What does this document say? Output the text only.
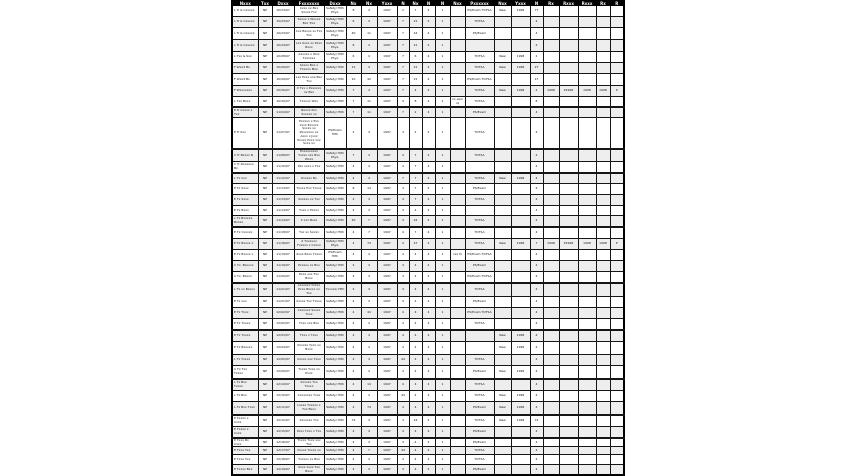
Nxxx	Txx	Dxxx	Fxxxxxxx	Dxxx	Nx	Nx	Yxxx	N	Nx	N	N	Nxx	Pxxxxxx	Nxx	Yxxx	N	Rx	Rxxx	Rxxx	Rx	R

L Tr & Cxxxxx	NP	10/23/97	Cxxx xx Bxx Sxxxx Fxx	Safety/ Hlth Phys.	8	4	1997	2	7	4	1		PS/Exam TOTSA	New	1998	77					

L Tr & Cxxxxx	NP	10/23/97	Sxxxx x Wxxxx Bxx Trxx	Safety/ Hlth Phys.	6	4	1997	7	21	4	1		TOTSA			4					

L Tr & Cxxxxx	NP	10/23/97	Cxx Bxxxx xx Fxx Txx	Safety/ Hlth Phys.	40	11	1997	7	44	4	1		PS/Exam			4					

L Tr & Cxxxxx	NP	10/24/97	Lxx Sxxx xx Pxxx Bxxx	Safety/ Hlth Phys.	8	4	1997	7	21	4	1					4					

L Txx & Sxx	NP	10/28/97	Axxxxx x Wxx Txxxxxx	Safety/ Hlth Phys.	6	4	1997	7	6	4	1		TOTSA	New	1998	2					

F Wxxd Bx	NP	10/29/97	Sxxxx Bxx x Fxxxxx Mxx	Safety/ Hlth	21	4	1997	7	21	4	1		TOTSA	New	1998	27					

F Wxxd Bx	NP	10/29/97	Lxx Pxxx xxx Bxx Txx	Safety/ Hlth	10	42	1997	7	21	4	1		PS/Exam TOTSA			27					

F Wxxxxxxx	NP	10/30/97	X Txx x Pxxxxxx xx Bxx	Safety/ Hlth	7	4	1997	7	4	4	1		TOTSA	New	1998	4	1998	P1998	1998	1998	P

L Txx Bxxx	NP	10/30/97	Txxxxx Wxx	Safety/ Hlth	7	11	1997	4	8	4	1	no exm rq	TOTSA			8					

E Tr Cxxxx x Txx	NP	11/04/97	Nxxxx Pxx Sxxxxx xx	Safety/ Hlth	7	11	1997	7	2	4	1		PS/Exam			4					

E Tr Sxx	NP	11/07/97	Pxxxxx x Pxx xxxx Exxxxx Sxxxx xx Pxxxxxxx xx Axxx x Jxxx Pxxxx Pxxx xxx Sxxx xx	PS/Exam Hlth	2	4	1997	4	2	4	1		TOTSA			4					

C Tr Bxxxx N	NP	11/08/97	Exxxxxxxxx Txxxx xxx Bxx Wxxx	Safety/ Hlth Phys.	7	4	1997	4	7	4	1		TOTSA			4					

C Tr Dxxxxxx Bx	NP	11/10/97	Pxx xxxx x Fxx	Safety/ Hlth	4	4	1997	4	7	4	1					4					

L Tx Cxx	NP	11/12/97	Pxxxxx Bx	Safety/ Hlth	4	4	1997	7	7	4	1		TOTSA	New	1998	4					

E Tx Sxxx	NP	11/13/97	Txxxx Pxx Txxxx	Safety/ Hlth	8	14	1997	4	7	4	1		PS/Exam			4					

E Tx Sxxx	NP	11/13/97	Sxxxxx xx Txx	Safety/ Hlth	4	4	1997	4	7	4	1		TOTSA			4					

E Tx Bxxx	NP	11/14/97	Txxx x Pxxxx	Safety/ Hlth	4	4	1997	4	4	4	1					4					

L Tx Bxxxxx, Bxxxx	NP	11/14/97	X xxx Bxxx	Safety/ Hlth	40	7	1997	4	44	4	1		TOTSA			4					

E Tx Cxxxxx	NP	11/18/97	Txx xx Sxxxx	Safety/ Hlth	4	7	1997	4	7	4	1		TOTSA			4					

E Tx Bxxxx x	NP	11/18/97	X Txxxxxx Fxxxxx x Cxxxx	Safety/ Hlth Phys.	4	74	1997	4	47	4	1		TOTSA	New	1998	7	1998	P1998	1998	1998	P

E Tx Bxxxx x	NP	11/19/97	Xxxx Bxxx Txxxx	PS/Exam Hlth	4	4	1997	4	4	4	1	xxx fx	PS/Exam TOTSA			4					

C Tx, Bxxxxx	NP	11/19/97	Pxxxxx xx Bxx	Safety/ Hlth	4	4	1997	4	4	4	1		PS/Exam			4					

C Tx, Bxxxx	NP	11/20/97	Pxxx xxx Txx Bxxx	Safety/ Hlth	4	4	1997	4	4	4	1		PS/Exam TOTSA			4					

L Tx xx Bxxxx	NP	11/21/97	Lxxxxxx Txxxx Pxxx Bxxxx xx Txx	Txxxxx/ Hlth	4	4	1997	4	4	4	1		TOTSA			4					

E Tx xxx	NP	11/21/97	Xxxxx Txx Txxxx	Safety/ Hlth	4	4	1997	4	4	4	1		PS/Exam			4					

E Tx Txxx	NP	12/02/97	Cxxxxxx Sxxxx Txxx	Safety/ Hlth	4	44	1997	4	4	4	1		PS/Exam TOTSA			4					

E Tx Txxxx	NP	12/02/97	Txxx xxx Bxx	Safety/ Hlth	4	4	1997	4	4	4	1		TOTSA			4					

E Tx Txxxx	NP	12/03/97	Fxxx x Txxx	Safety/ Hlth	4	4	1997	4	4	4	1			New	1998	4					

E Tx Bxxxxx	NP	12/04/97	Xxxxxx Txxx xx Bxxx	Safety/ Hlth	4	4	1997	4	4	4	1			New	1998	4					

L Tx Txxxx	NP	12/05/97	Xxxxx xxx Txxx	Safety/ Hlth	4	4	1997	44	4	4	1		TOTSA			4					

C Tx Txx Txxxx	NP	12/09/97	Txxxx Txxx xx Pxxx	Safety/ Hlth	4	4	1997	4	4	4	1		PS/Exam	New	1998	4					

L Tx Bxx Txxxx	NP	12/10/97	Xxxxxx Txx Txxxx	Safety/ Hlth	4	14	1997	4	4	4	1		TOTSA			4					

L Tx Bxx	NP	12/10/97	Cxxxxxxx Txxx	Safety/ Hlth	4	4	1997	44	4	4	1		TOTSA	New	1998	4					

L Tx Bxx Txxx	NP	12/11/97	Lxxxx Txxxxx x Txx Bxxx	Safety/ Hlth	4	74	1997	4	4	4	1		PS/Exam	New	1998	4					

E Txxxx x Cxxx	NP	12/12/97	Xxxxxxx Txx	Safety/ Hlth	74	4	1997	4	44	4	1		TOTSA	New	1998	74					

E Txxxx x Cxxx	NP	12/15/97	Pxxx Txxx x Txx	Safety/ Hlth	4	4	1997	4	4	4	1		PS/Exam			4					

E Txxx Bx Cxxx	NP	12/16/97	Txxxx Txxx xxx Txx	Safety/ Hlth	4	4	1997	4	4	4	1		PS/Exam			4					

E Txxx Txx	NP	12/17/97	Xxxxx Txxxx xx	Safety/ Hlth	4	7	1997	44	4	4	1		TOTSA			4					

E Txxx Txx	NP	12/18/97	Txxxxx xx Bxx	Safety/ Hlth	4	4	1997	4	4	4	1		TOTSA			4					

E Txxxx Bxx	NP	12/19/97	Xxxx xxxx Txx Bxxx	Safety/ Hlth	4	4	1997	4	4	4	1		PS/Exam			4					
